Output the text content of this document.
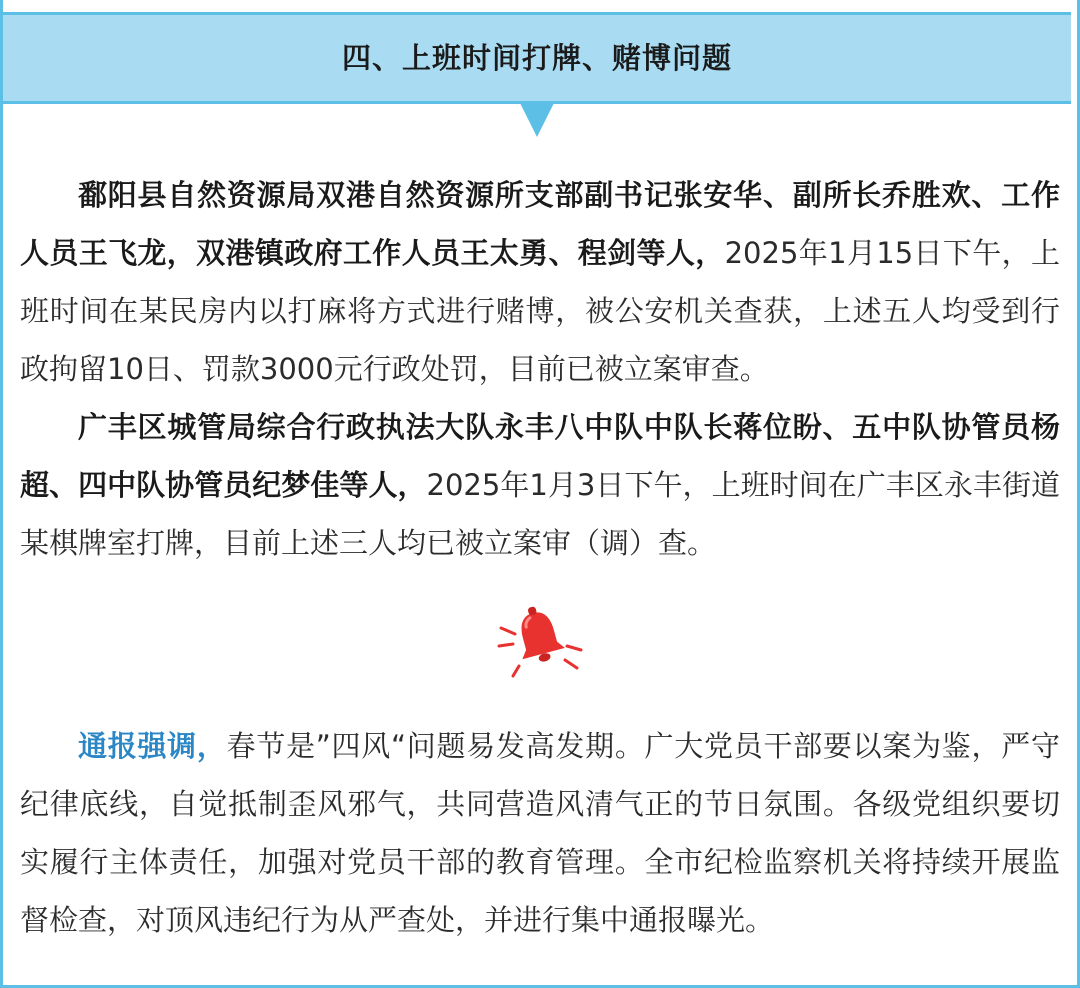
四、上班时间打牌、赌博问题

鄱阳县自然资源局双港自然资源所支部副书记张安华、副所长乔胜欢、工作人员王飞龙，双港镇政府工作人员王太勇、程剑等人，2025年1月15日下午，上班时间在某民房内以打麻将方式进行赌博，被公安机关查获，上述五人均受到行政拘留10日、罚款3000元行政处罚，目前已被立案审查。

广丰区城管局综合行政执法大队永丰八中队中队长蒋位盼、五中队协管员杨超、四中队协管员纪梦佳等人，2025年1月3日下午，上班时间在广丰区永丰街道某棋牌室打牌，目前上述三人均已被立案审（调）查。

通报强调，春节是”四风“问题易发高发期。广大党员干部要以案为鉴，严守纪律底线，自觉抵制歪风邪气，共同营造风清气正的节日氛围。各级党组织要切实履行主体责任，加强对党员干部的教育管理。全市纪检监察机关将持续开展监督检查，对顶风违纪行为从严查处，并进行集中通报曝光。
